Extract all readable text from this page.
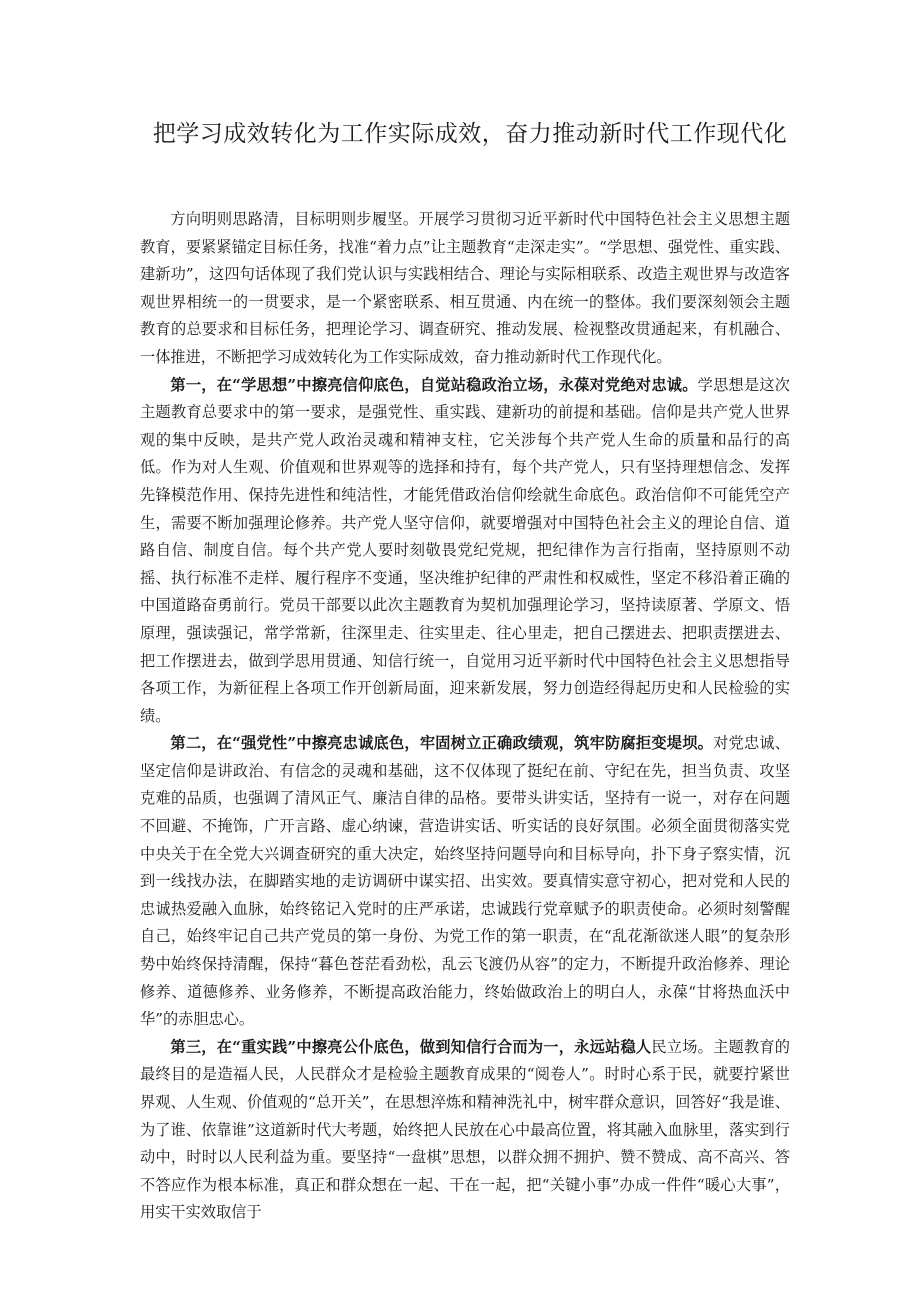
把学习成效转化为工作实际成效，奋力推动新时代工作现代化

方向明则思路清，目标明则步履坚。开展学习贯彻习近平新时代中国特色社会主义思想主题教育，要紧紧锚定目标任务，找准“着力点”让主题教育“走深走实”。“学思想、强党性、重实践、建新功”，这四句话体现了我们党认识与实践相结合、理论与实际相联系、改造主观世界与改造客观世界相统一的一贯要求，是一个紧密联系、相互贯通、内在统一的整体。我们要深刻领会主题教育的总要求和目标任务，把理论学习、调查研究、推动发展、检视整改贯通起来，有机融合、一体推进，不断把学习成效转化为工作实际成效，奋力推动新时代工作现代化。

第一，在“学思想”中擦亮信仰底色，自觉站稳政治立场，永葆对党绝对忠诚。学思想是这次主题教育总要求中的第一要求，是强党性、重实践、建新功的前提和基础。信仰是共产党人世界观的集中反映，是共产党人政治灵魂和精神支柱，它关涉每个共产党人生命的质量和品行的高低。作为对人生观、价值观和世界观等的选择和持有，每个共产党人，只有坚持理想信念、发挥先锋模范作用、保持先进性和纯洁性，才能凭借政治信仰绘就生命底色。政治信仰不可能凭空产生，需要不断加强理论修养。共产党人坚守信仰，就要增强对中国特色社会主义的理论自信、道路自信、制度自信。每个共产党人要时刻敬畏党纪党规，把纪律作为言行指南，坚持原则不动摇、执行标准不走样、履行程序不变通，坚决维护纪律的严肃性和权威性，坚定不移沿着正确的中国道路奋勇前行。党员干部要以此次主题教育为契机加强理论学习，坚持读原著、学原文、悟原理，强读强记，常学常新，往深里走、往实里走、往心里走，把自己摆进去、把职责摆进去、把工作摆进去，做到学思用贯通、知信行统一，自觉用习近平新时代中国特色社会主义思想指导各项工作，为新征程上各项工作开创新局面，迎来新发展，努力创造经得起历史和人民检验的实绩。

第二，在“强党性”中擦亮忠诚底色，牢固树立正确政绩观，筑牢防腐拒变堤坝。对党忠诚、坚定信仰是讲政治、有信念的灵魂和基础，这不仅体现了挺纪在前、守纪在先，担当负责、攻坚克难的品质，也强调了清风正气、廉洁自律的品格。要带头讲实话，坚持有一说一，对存在问题不回避、不掩饰，广开言路、虚心纳谏，营造讲实话、听实话的良好氛围。必须全面贯彻落实党中央关于在全党大兴调查研究的重大决定，始终坚持问题导向和目标导向，扑下身子察实情，沉到一线找办法，在脚踏实地的走访调研中谋实招、出实效。要真情实意守初心，把对党和人民的忠诚热爱融入血脉，始终铭记入党时的庄严承诺，忠诚践行党章赋予的职责使命。必须时刻警醒自己，始终牢记自己共产党员的第一身份、为党工作的第一职责，在“乱花渐欲迷人眼”的复杂形势中始终保持清醒，保持“暮色苍茫看劲松，乱云飞渡仍从容”的定力，不断提升政治修养、理论修养、道德修养、业务修养，不断提高政治能力，终始做政治上的明白人，永葆“甘将热血沃中华”的赤胆忠心。

第三，在“重实践”中擦亮公仆底色，做到知信行合而为一，永远站稳人民立场。主题教育的最终目的是造福人民，人民群众才是检验主题教育成果的“阅卷人”。时时心系于民，就要拧紧世界观、人生观、价值观的“总开关”，在思想淬炼和精神洗礼中，树牢群众意识，回答好“我是谁、为了谁、依靠谁”这道新时代大考题，始终把人民放在心中最高位置，将其融入血脉里，落实到行动中，时时以人民利益为重。要坚持“一盘棋”思想，以群众拥不拥护、赞不赞成、高不高兴、答不答应作为根本标准，真正和群众想在一起、干在一起，把“关键小事”办成一件件“暖心大事”，用实干实效取信于
